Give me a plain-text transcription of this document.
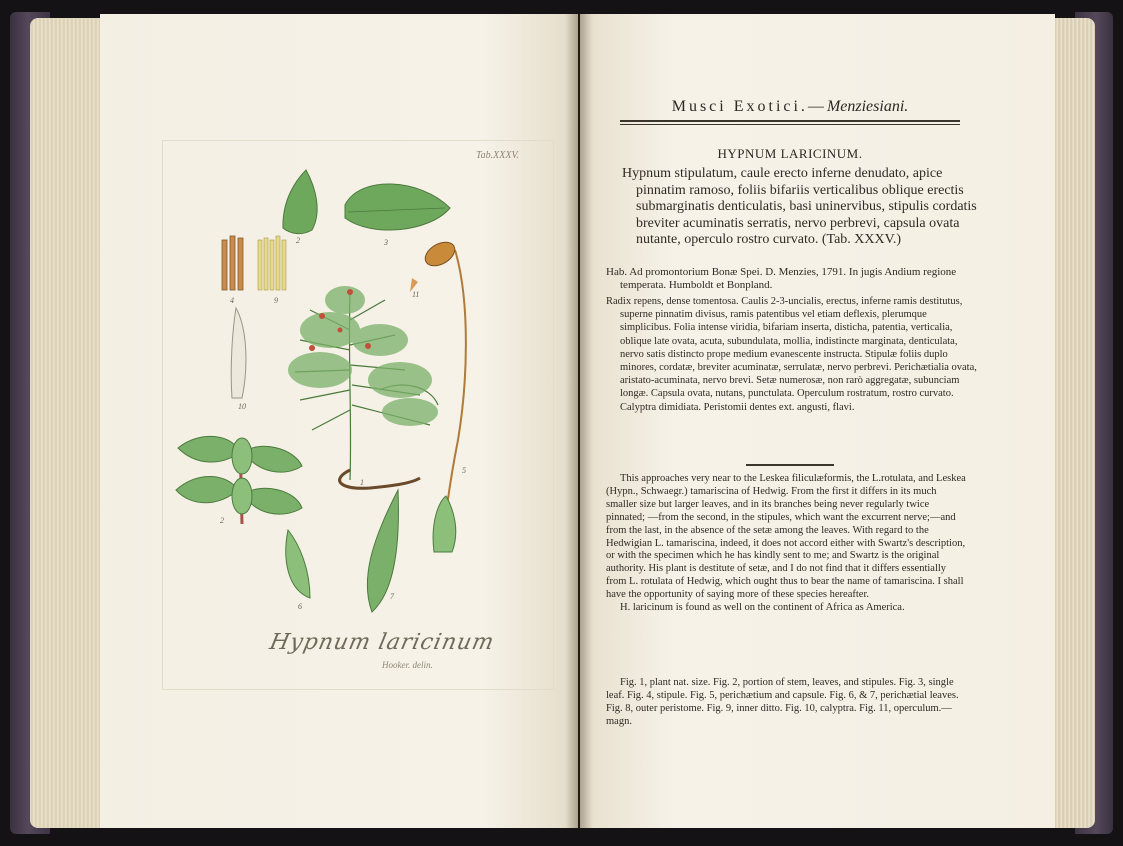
Tab.XXXV.
2	3
4	9
10
11
1
2
5
6
7
Hypnum laricinum
Hooker. delin.
Musci Exotici.—Menziesiani.
HYPNUM LARICINUM.
Hypnum stipulatum, caule erecto inferne denudato, apice pinnatim ramoso, foliis bifariis verticalibus oblique erectis submarginatis denticulatis, basi uninervibus, stipulis cordatis breviter acuminatis serratis, nervo perbrevi, capsula ovata nutante, operculo rostro curvato. (Tab. XXXV.)
Hab. Ad promontorium Bonæ Spei. D. Menzies, 1791. In jugis Andium regione temperata. Humboldt et Bonpland.
Radix repens, dense tomentosa. Caulis 2-3-uncialis, erectus, inferne ramis destitutus, superne pinnatim divisus, ramis patentibus vel etiam deflexis, plerumque simplicibus. Folia intense viridia, bifariam inserta, disticha, patentia, verticalia, oblique late ovata, acuta, subundulata, mollia, indistincte marginata, denticulata, nervo satis distincto prope medium evanescente instructa. Stipulæ foliis duplo minores, cordatæ, breviter acuminatæ, serrulatæ, nervo perbrevi. Perichætialia ovata, aristato-acuminata, nervo brevi. Setæ numerosæ, non rarò aggregatæ, subunciam longæ. Capsula ovata, nutans, punctulata. Operculum rostratum, rostro curvato. Calyptra dimidiata. Peristomii dentes ext. angusti, flavi.

This approaches very near to the Leskea filiculæformis, the L.rotulata, and Leskea (Hypn., Schwaegr.) tamariscina of Hedwig. From the first it differs in its much smaller size but larger leaves, and in its branches being never regularly twice pinnated; —from the second, in the stipules, which want the excurrent nerve;—and from the last, in the absence of the setæ among the leaves. With regard to the Hedwigian L. tamariscina, indeed, it does not accord either with Swartz's description, or with the specimen which he has kindly sent to me; and Swartz is the original authority. His plant is destitute of setæ, and I do not find that it differs essentially from L. rotulata of Hedwig, which ought thus to bear the name of tamariscina. I shall have the opportunity of saying more of these species hereafter.

H. laricinum is found as well on the continent of Africa as America.

Fig. 1, plant nat. size. Fig. 2, portion of stem, leaves, and stipules. Fig. 3, single leaf. Fig. 4, stipule. Fig. 5, perichætium and capsule. Fig. 6, & 7, perichætial leaves. Fig. 8, outer peristome. Fig. 9, inner ditto. Fig. 10, calyptra. Fig. 11, operculum.—magn.
